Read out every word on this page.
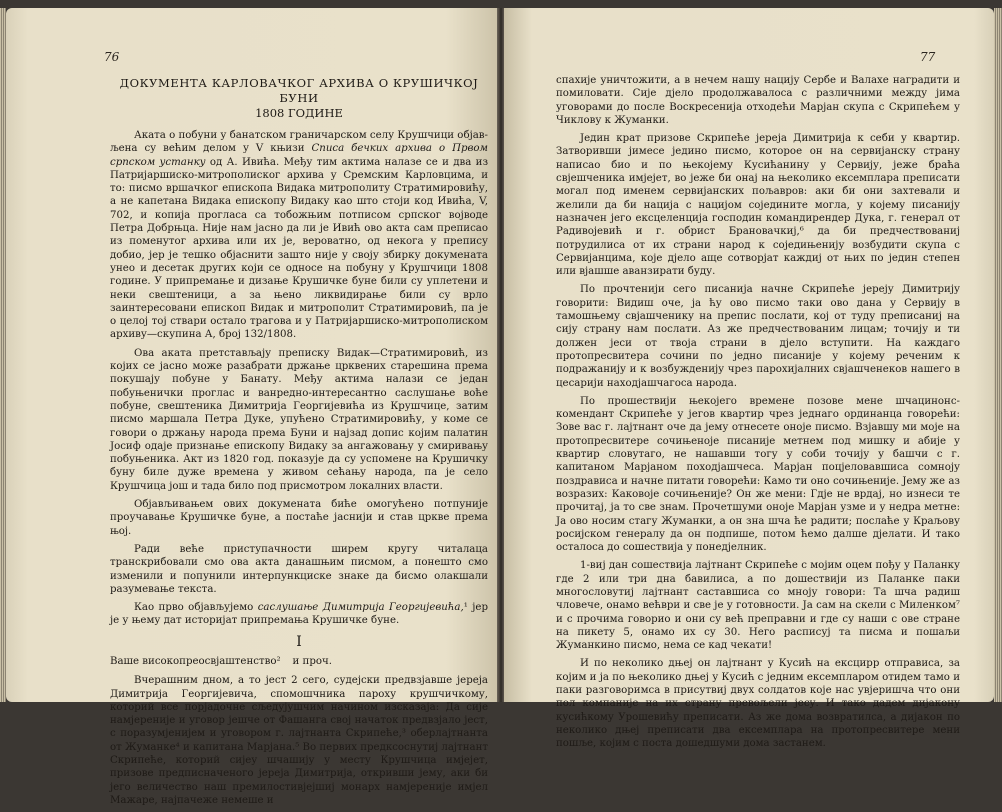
76
ДОКУМЕНТА КАРЛОВАЧКОГ АРХИВА О КРУШИЧКОЈ БУНИ
1808 ГОДИНЕ

Аката о побуни у банатском граничарском селу Крушчици објав-љена су већим делом у V књизи Списа бечких архива о Првом српском устанку од А. Ивића. Међу тим актима налазе се и два из Патријаршиско-митрополиског архива у Сремским Карловцима, и то: писмо вршачког епископа Видака митрополиту Стратимировићу, а не капетана Видака епископу Видаку као што стоји код Ивића, V, 702, и копија прогласа са тобожњим потписом српског војводе Петра Добрњца. Није нам јасно да ли је Ивић ово акта сам преписао из поменутог архива или их је, вероватно, од некога у препису добио, јер је тешко објаснити зашто није у своју збирку докумената унео и десетак других који се односе на побуну у Крушчици 1808 године. У припремање и дизање Крушичке буне били су уплетени и неки свештеници, а за њено ликвидирање били су врло заинтересовани епископ Видак и митрополит Стратимировић, па је о целој тој ствари остало трагова и у Патријаршиско-митрополиском архиву—скупина А, број 132/1808.

Ова аката претстављају преписку Видак—Стратимировић, из којих се јасно може разабрати држање црквених старешина према покушају побуне у Банату. Међу актима налази се један побуњенички проглас и ванредно-интересантно саслушање воће побуне, свештеника Димитрија Георгијевића из Крушчице, затим писмо маршала Петра Дуке, упућено Стратимировићу, у коме се говори о држању народа према Буни и најзад допис којим палатин Јосиф одаје признање епископу Видаку за ангажовању у смиривању побуњеника. Акт из 1820 год. показује да су успомене на Крушичку буну биле дуже времена у живом сећању народа, па је село Крушчица још и тада било под присмотром локалних власти.

Објављивањем ових докумената биће омогућено потпуније проучавање Крушичке буне, а постаће јаснији и став цркве према њој.

Ради веће приступачности ширем кругу читалаца транскрибовали смо ова акта данашњим писмом, а понешто смо изменили и попунили интерпункциске знаке да бисмо олакшали разумевање текста.

Као прво објављујемо саслушање Димитрија Георгијевића,¹ јер је у њему дат историјат припремања Крушичке буне.

I

Ваше високопреосвјаштенство² и проч.

Вчерашним дном, а то јест 2 сего, судејски предвзјавше јереја Димитрија Георгијевича, спомошчника пароху крушчичкому, которий все порјадочне сљедујушчим начином изсказаја: Да сије намјереније и уговор јешче от Фашанга свој начаток предвзјало јест, с поразумјенијем и уговором г. лајтнанта Скрипеће,³ оберлајтнанта от Жуманке⁴ и капитана Марјана.⁵ Во первих предксоснутиј лајтнант Скрипеће, которий сијеу шчашију у месту Крушчица имјејет, призове предписначеного јереја Димитрија, откривши јему, аки би јего величество наш премилостивјејшиј монарх намјереније имјел Мажаре, најпачеже немеше и

77

спахије уничтожити, а в нечем нашу нацију Сербе и Валахе наградити и помиловати. Сије дјело продолжавалоса с различними между јима уговорами до после Воскресенија отходећи Марјан скупа с Скрипећем у Чиклову к Жуманки.

Једин крат призове Скрипеће јереја Димитрија к себи у квартир. Затворивши јимесе једино писмо, которое он на сервијанску страну написао био и по њекојему Кусићанину у Сервију, јеже браћа свјешченика имјејет, во јеже би онај на њеколико ексемплара преписати могал под именем сервијанских пољавров: аки би они захтевали и желили да би нација с нацијом соједините могла, у којему писанију назначен јего ексцеленција господин командирендер Дука, г. генерал от Радивојевић и г. обрист Брановачкиј,⁶ да би предчествованиј потрудилиса от их страни народ к соједињенију возбудити скупа с Сервијанцима, које дјело аще сотворјат каждиј от њих по једин степен или вјашше аванзирати буду.

По прочтенији сего писанија начне Скрипеће јереју Димитрију говорити: Видиш оче, ја ћу ово писмо таки ово дана у Сервију в тамошњему свјашченику на препис послати, кој от туду преписаниј на сију страну нам послати. Аз же предчествованим лицам; точију и ти должен јеси от твоја страни в дјело вступити. На каждаго протопресвитера сочини по једно писаније у којему реченим к подражанију и к возбужденију чрез парохијалних свјашченеков нашего в цесарији находјашчагоса народа.

По прошествији њекојего времене позове мене шчацинонс-комендант Скрипеће у јегов квартир чрез једнаго ординанца говорећи: Зове вас г. лајтнант оче да јему отнесете оноје писмо. Взјавшу ми моје на протопресвитере сочињеноје писаније метнем под мишку и абије у квартир словутаго, не нашавши тогу у соби точију у башчи с г. капитаном Марјаном походјашчеса. Марјан поцјеловавшиса сомноју поздрависа и начне питати говорећи: Камо ти оно сочињеније. Јему же аз возразих: Каковоје сочињеније? Он же мени: Гдје не врдај, но изнеси те прочитај, ја то све знам. Прочетшуми оноје Марјан узме и у недра метне: Ја ово носим стагу Жуманки, а он зна шча ће радити; послаће у Краљову росијском генералу да он подпише, потом ћемо далше дјелати. И тако осталоса до сошествија у понедјелник.

1-виј дан сошествија лајтнант Скрипеће с мојим оцем пођу у Паланку где 2 или три дна бавилиса, а по дошествији из Паланке паки многословутиј лајтнант саставшиса со мноју говори: Та шча радиш чловече, онамо већври и све је у готовности. Ја сам на скели с Миленком⁷ и с прочима говорио и они су већ преправни и где су наши с ове стране на пикету 5, онамо их су 30. Него расписуј та писма и пошаљи Жуманкино писмо, нема се кад чекати!

И по неколико дњеј он лајтнант у Кусић на ексцирр отправиса, за којим и ја по њеколико дњеј у Кусић с једним ексемпларом отидем тамо и паки разговоримса в присутвиј двух солдатов које нас увјеришча что они пол компаније на их страну превољели јесу. И тако дадем дијакону кусићкому Урошевићу преписати. Аз же дома возвратилса, а дијакон по неколико дњеј преписати два ексемплара на протопресвитере мени пошље, којим с поста дошедшуми дома застанем.
